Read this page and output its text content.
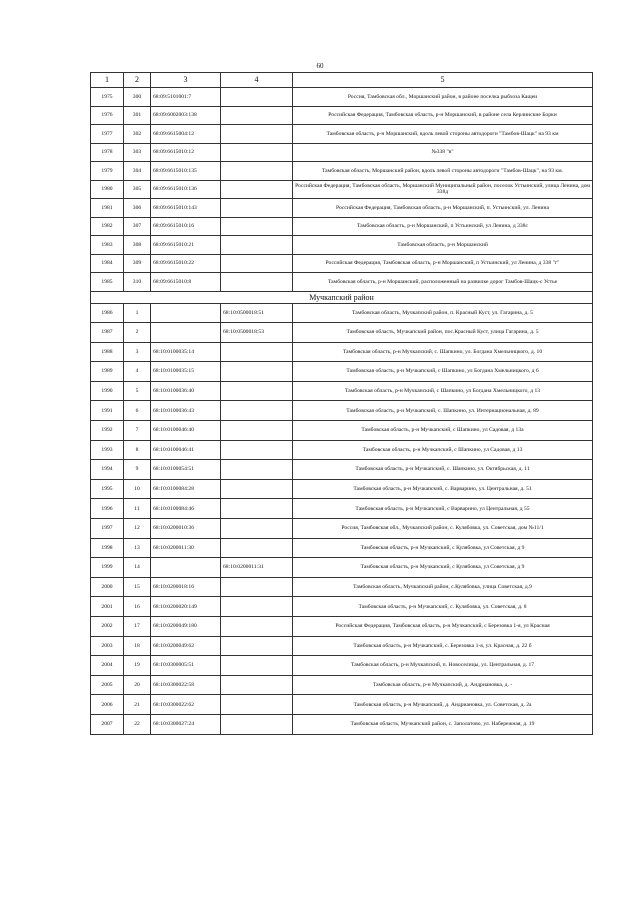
60
1	2	3	4	5
1975	300	68:09:5101001:7		Россия, Тамбовская обл., Моршанский район, в районе поселка рыбхоза Кащеи
1976	301	68:09:6002003:138		Российская Федерация, Тамбовская область, р-н Моршанский, в районе села Керлинские Борки
1977	302	68:09:6615004:12		Тамбовская область, р-н Моршанский, вдоль левой стороны автодороги "Тамбов-Шацк" на 93 км
1978	303	68:09:6615010:12		№338 "в"
1979	304	68:09:6615010:135		Тамбовская область, Моршанский район, вдоль левой стороны автодороги "Тамбов-Шацк", на 93 км.
1980	305	68:09:6615010:136		Российская Федерация, Тамбовская область, Моршанский Муниципальный район, поселок Устьинский, улица Ленина, дом 338д
1981	306	68:09:6615010:143		Российская Федерация, Тамбовская область, р-н Моршанский, п. Устьинский, ул. Ленина
1982	307	68:09:6615010:16		Тамбовская область, р-н Моршанский, п Устьинский, ул Ленина, д 338с
1983	308	68:09:6615010:21		Тамбовская область, р-н Моршанский
1984	309	68:09:6615010:22		Российская Федерация, Тамбовская область, р-н Моршанский, п Устьинский, ул Ленина, д 338 "г"
1985	310	68:09:6615010:8		Тамбовская область, р-н Моршанский, расположенный на развилке дорог Тамбов-Шацк-с Устье
Мучкапский район				
1986	1		68:10:0500018:51	Тамбовская область, Мучкапский район, п. Красный Куст, ул. Гагарина, д. 5
1987	2		68:10:0500018:53	Тамбовская область, Мучкапский район, пос.Красный Куст, улица Гагарина, д. 5
1988	3	68:10:0100035:14		Тамбовская область, р-н Мучкапский, с. Шапкино, ул. Богдана Хмельницкого, д. 10
1989	4	68:10:0100035:15		Тамбовская область, р-н Мучкапский, с Шапкино, ул Богдана Хмельницкого, д 6
1990	5	68:10:0100036:40		Тамбовская область, р-н Мучкапский, с Шапкино, ул Богдана Хмельницкого, д 13
1991	6	68:10:0100036:43		Тамбовская область, р-н Мучкапский, с. Шапкино, ул. Интернациональная, д. 89
1992	7	68:10:0100046:40		Тамбовская область, р-н Мучкапский, с Шапкино, ул Садовая, д 13а
1993	8	68:10:0100046:41		Тамбовская область, р-н Мучкапский, с Шапкино, ул Садовая, д 13
1994	9	68:10:0100054:51		Тамбовская область, р-н Мучкапский, с. Шапкино, ул. Октябрьская, д. 11
1995	10	68:10:0100084:28		Тамбовская область, р-н Мучкапский, с. Варварино, ул. Центральная, д. 51
1996	11	68:10:0100084:46		Тамбовская область, р-н Мучкапский, с Варварино, ул Центральная, д 55
1997	12	68:10:0200010:36		Россия, Тамбовская обл., Мучкапский район, с. Кулябовка, ул. Советская, дом №11/1
1998	13	68:10:0200011:30		Тамбовская область, р-н Мучкапский, с Кулябовка, ул Советская, д 9
1999	14		68:10:0200011:31	Тамбовская область, р-н Мучкапский, с Кулябовка, ул Советская, д 9
2000	15	68:10:0200018:16		Тамбовская область, Мучкапский район, с.Кулябовка, улица Советская, д.9
2001	16	68:10:0200020:149		Тамбовская область, р-н Мучкапский, с. Кулябовка, ул. Советская, д. 8
2002	17	68:10:0200049:180		Российская Федерация, Тамбовская область, р-н Мучкапский, с Березовка 1-я, ул Красная
2003	18	68:10:0200049:62		Тамбовская область, р-н Мучкапский, с. Березовка 1-я, ул. Красная, д. 22 б
2004	19	68:10:0300005:51		Тамбовская область, р-н Мучкапский, п. Новоселицы, ул. Центральная, д. 17
2005	20	68:10:0300022:58		Тамбовская область, р-н Мучкапский, д. Андриановка, д. -
2006	21	68:10:0300022:62		Тамбовская область, р-н Мучкапский, д. Андриановка, ул. Советская, д. 2а
2007	22	68:10:0300027:24		Тамбовская область, Мучкапский район, с. Заполатово, ул. Набережная, д. 19
